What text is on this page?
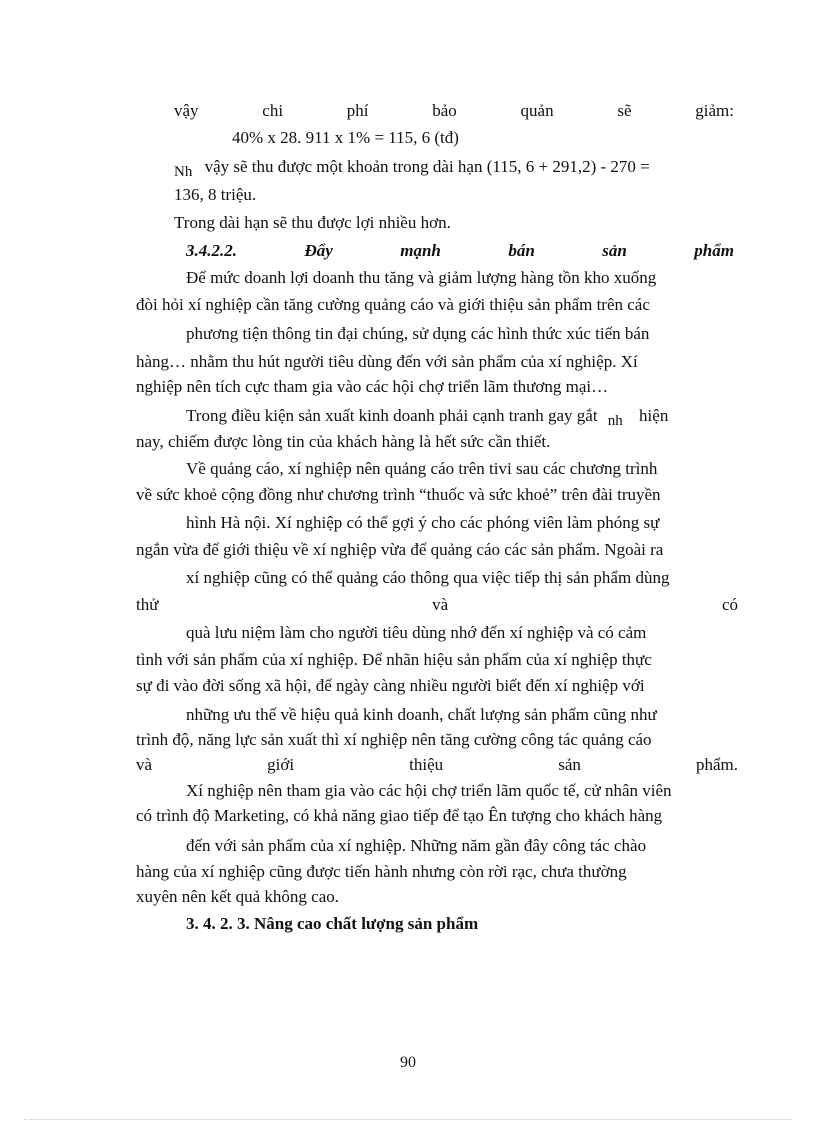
vậy	chi	phí	bảo	quản	sẽ	giảm:
40% x 28. 911 x 1% = 115, 6 (tđ)
Nh vậy sẽ thu được một khoản trong dài hạn (115, 6 + 291,2) - 270 =
136, 8 triệu.
Trong dài hạn sẽ thu được lợi nhiều hơn.
3.4.2.2.	Đẩy	mạnh	bán	sản	phẩm
Để mức doanh lợi doanh thu tăng và giảm lượng hàng tồn kho xuống
đòi hỏi xí nghiệp cần tăng cường quảng cáo và giới thiệu sản phẩm trên các
phương tiện thông tin đại chúng, sử dụng các hình thức xúc tiến bán
hàng… nhằm thu hút người tiêu dùng đến với sản phẩm của xí nghiệp. Xí
nghiệp nên tích cực tham gia vào các hội chợ triển lãm thương mại…
Trong điều kiện sản xuất kinh doanh phải cạnh tranh gay gắt nh hiện
nay, chiếm được lòng tin của khách hàng là hết sức cần thiết.
Về quảng cáo, xí nghiệp nên quảng cáo trên tivi sau các chương trình
về sức khoẻ cộng đồng như chương trình “thuốc và sức khoẻ” trên đài truyền
hình Hà nội. Xí nghiệp có thể gợi ý cho các phóng viên làm phóng sự
ngắn vừa để giới thiệu về xí nghiệp vừa để quảng cáo các sản phẩm. Ngoài ra
xí nghiệp cũng có thể quảng cáo thông qua việc tiếp thị sản phẩm dùng
thử	và	có
quà lưu niệm làm cho người tiêu dùng nhớ đến xí nghiệp và có cảm
tình với sản phẩm của xí nghiệp. Để nhãn hiệu sản phẩm của xí nghiệp thực
sự đi vào đời sống xã hội, để ngày càng nhiều người biết đến xí nghiệp với
những ưu thế về hiệu quả kinh doanh, chất lượng sản phẩm cũng như
trình độ, năng lực sản xuất thì xí nghiệp nên tăng cường công tác quảng cáo
và	giới	thiệu	sản	phẩm.
Xí nghiệp nên tham gia vào các hội chợ triển lãm quốc tế, cử nhân viên
có trình độ Marketing, có khả năng giao tiếp để tạo Ên tượng cho khách hàng
đến với sản phẩm của xí nghiệp. Những năm gần đây công tác chào
hàng của xí nghiệp cũng được tiến hành nhưng còn rời rạc, chưa thường
xuyên nên kết quả không cao.
3. 4. 2. 3. Nâng cao chất lượng sản phẩm
90
